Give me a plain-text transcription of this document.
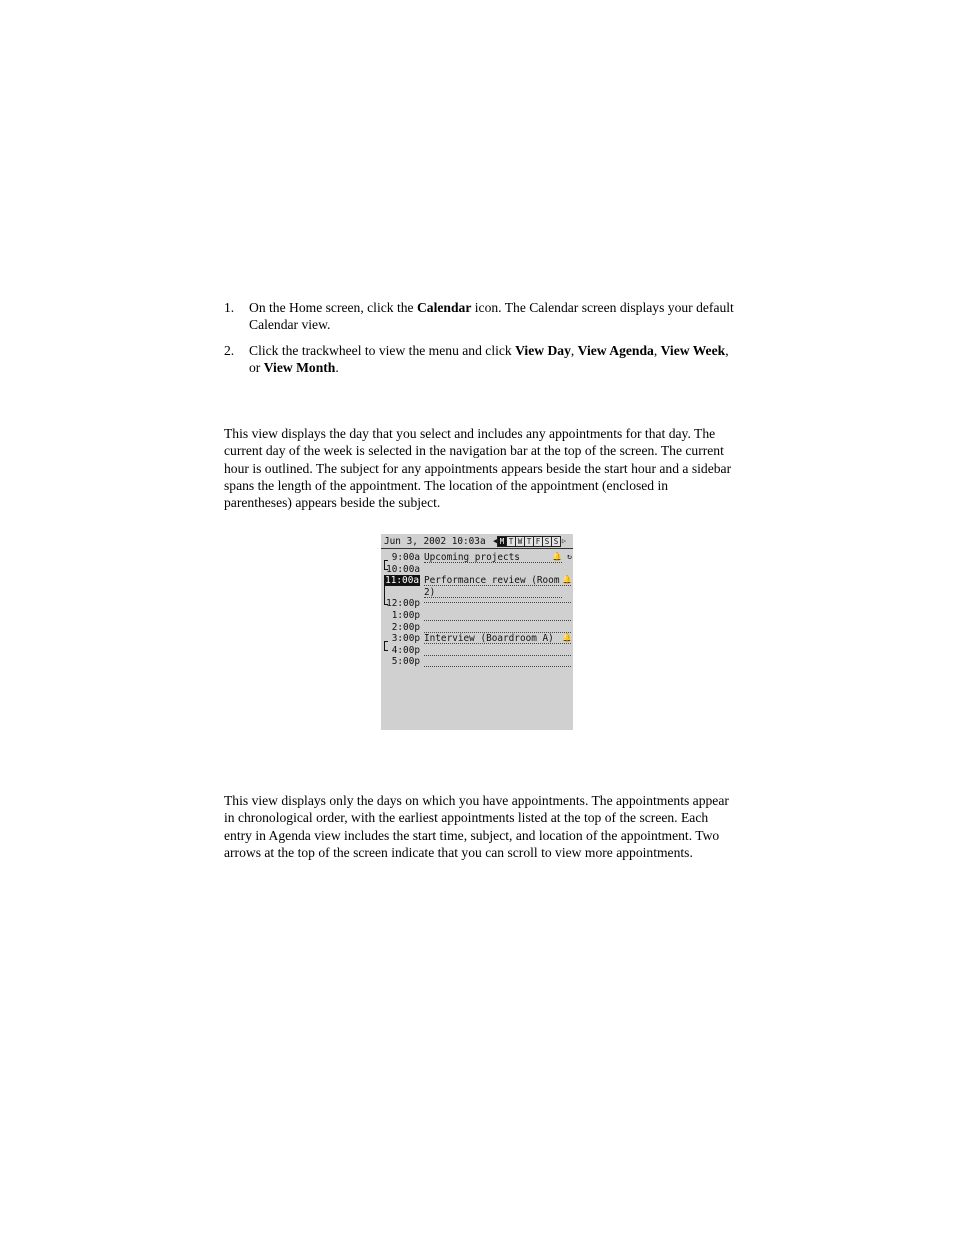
1. On the Home screen, click the Calendar icon. The Calendar screen displays your default Calendar view.
2. Click the trackwheel to view the menu and click View Day, View Agenda, View Week, or View Month.

This view displays the day that you select and includes any appointments for that day. The current day of the week is selected in the navigation bar at the top of the screen. The current hour is outlined. The subject for any appointments appears beside the start hour and a sidebar spans the length of the appointment. The location of the appointment (enclosed in parentheses) appears beside the subject.

Jun 3, 2002 10:03a ◀ M T W T F S S ▷
9:00a Upcoming projects	🔔 ↻
10:00a
11:00a Performance review (Room 🔔
2)
12:00p
1:00p
2:00p
3:00p Interview (Boardroom A)	🔔
4:00p
5:00p

This view displays only the days on which you have appointments. The appointments appear in chronological order, with the earliest appointments listed at the top of the screen. Each entry in Agenda view includes the start time, subject, and location of the appointment. Two arrows at the top of the screen indicate that you can scroll to view more appointments.
